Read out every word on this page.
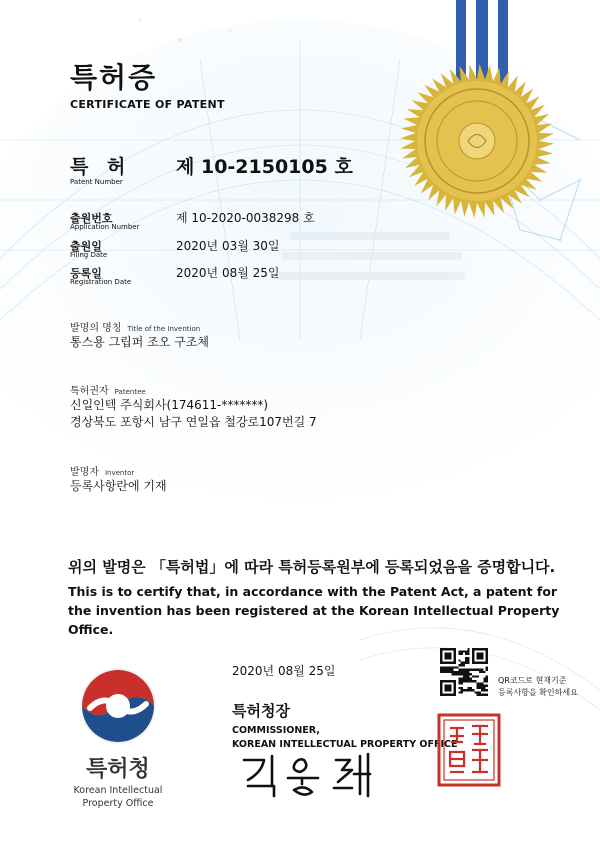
특허증
CERTIFICATE OF PATENT
특 허
Patent Number
제 10-2150105 호
출원번호
Application Number
제 10-2020-0038298 호
출원일
Filing Date
2020년 03월 30일
등록일
Registration Date
2020년 08월 25일
발명의 명칭 Title of the Invention
통스용 그립퍼 조오 구조체
특허권자 Patentee
신일인텍 주식회사(174611-*******)
경상북도 포항시 남구 연일읍 철강로107번길 7
발명자 Inventor
등록사항란에 기재
위의 발명은 「특허법」에 따라 특허등록원부에 등록되었음을 증명합니다.
This is to certify that, in accordance with the Patent Act, a patent for the invention has been registered at the Korean Intellectual Property Office.
2020년 08월 25일
특허청장
COMMISSIONER,
KOREAN INTELLECTUAL PROPERTY OFFICE
QR코드로 현재기준
등록사항을 확인하세요
특허청
Korean Intellectual
Property Office
